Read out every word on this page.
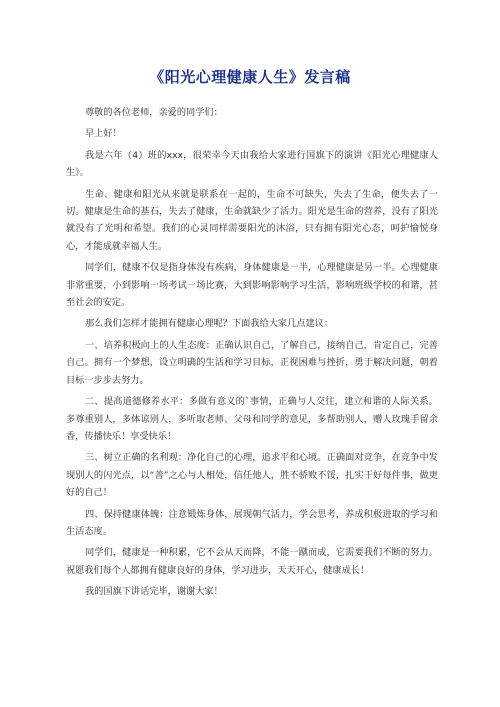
《阳光心理健康人生》发言稿

尊敬的各位老师，亲爱的同学们：

早上好！

我是六年（4）班的xxx，很荣幸今天由我给大家进行国旗下的演讲《阳光心理健康人生》。

生命、健康和阳光从来就是联系在一起的，生命不可缺失，失去了生命，便失去了一切。健康是生命的基石，失去了健康，生命就缺少了活力。阳光是生命的营养，没有了阳光就没有了光明和希望。我们的心灵同样需要阳光的沐浴，只有拥有阳光心态，呵护愉悦身心，才能成就幸福人生。

同学们，健康不仅是指身体没有疾病，身体健康是一半，心理健康是另一半。心理健康非常重要，小到影响一场考试一场比赛，大到影响影响学习生活，影响班级学校的和谐，甚至社会的安定。

那么我们怎样才能拥有健康心理呢？下面我给大家几点建议：

一、培养积极向上的人生态度：正确认识自己，了解自己，接纳自己，肯定自己，完善自己。拥有一个梦想，设立明确的生活和学习目标，正视困难与挫折，勇于解决问题，朝着目标一步步去努力。

二、提高道德修养水平：多做有意义的`事情，正确与人交往，建立和谐的人际关系。多尊重别人，多体谅别人，多听取老师、父母和同学的意见，多帮助别人，赠人玫瑰手留余香，传播快乐！享受快乐！

三、树立正确的名利观：净化自己的心理，追求平和心境。正确面对竞争，在竞争中发现别人的闪光点，以“善”之心与人相处，信任他人，胜不骄败不馁，扎实干好每件事，做更好的自己！

四、保持健康体魄：注意锻炼身体，展现朝气活力，学会思考，养成积极进取的学习和生活态度。

同学们，健康是一种积累，它不会从天而降，不能一蹴而成，它需要我们不断的努力。祝愿我们每个人都拥有健康良好的身体，学习进步，天天开心，健康成长！

我的国旗下讲话完毕，谢谢大家！
